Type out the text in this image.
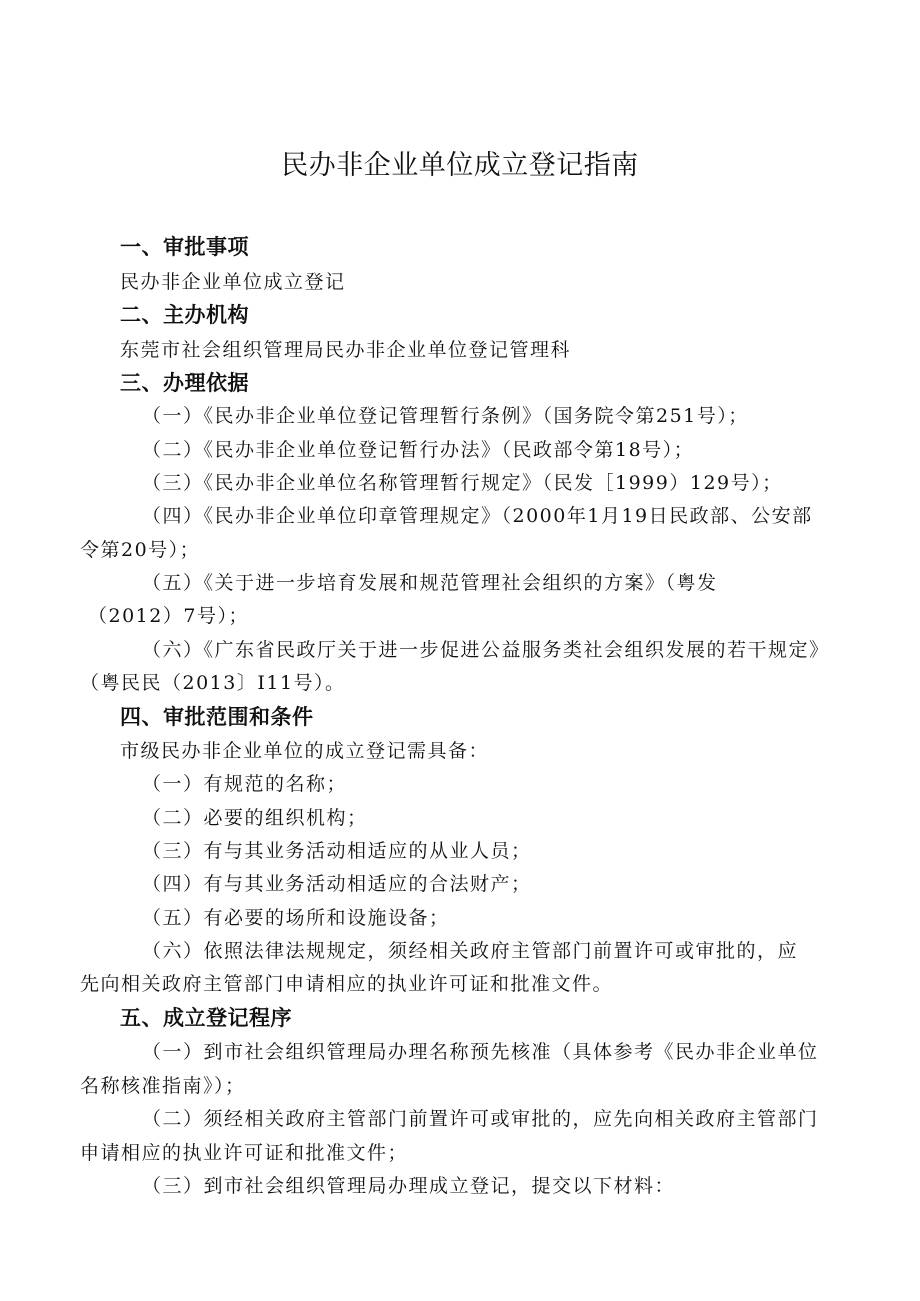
民办非企业单位成立登记指南
一、审批事项
民办非企业单位成立登记
二、主办机构
东莞市社会组织管理局民办非企业单位登记管理科
三、办理依据
（一）《民办非企业单位登记管理暂行条例》（国务院令第251号）；
（二）《民办非企业单位登记暂行办法》（民政部令第18号）；
（三）《民办非企业单位名称管理暂行规定》（民发［1999）129号）；
（四）《民办非企业单位印章管理规定》（2000年1月19日民政部、公安部
令第20号）；
（五）《关于进一步培育发展和规范管理社会组织的方案》（粤发
（2012）7号）；
（六）《广东省民政厅关于进一步促进公益服务类社会组织发展的若干规定》
（粤民民（2013〕I11号）。
四、审批范围和条件
市级民办非企业单位的成立登记需具备：
（一）有规范的名称；
（二）必要的组织机构；
（三）有与其业务活动相适应的从业人员；
（四）有与其业务活动相适应的合法财产；
（五）有必要的场所和设施设备；
（六）依照法律法规规定，须经相关政府主管部门前置许可或审批的，应
先向相关政府主管部门申请相应的执业许可证和批准文件。
五、成立登记程序
（一）到市社会组织管理局办理名称预先核准（具体参考《民办非企业单位
名称核准指南》）；
（二）须经相关政府主管部门前置许可或审批的，应先向相关政府主管部门
申请相应的执业许可证和批准文件；
（三）到市社会组织管理局办理成立登记，提交以下材料：
